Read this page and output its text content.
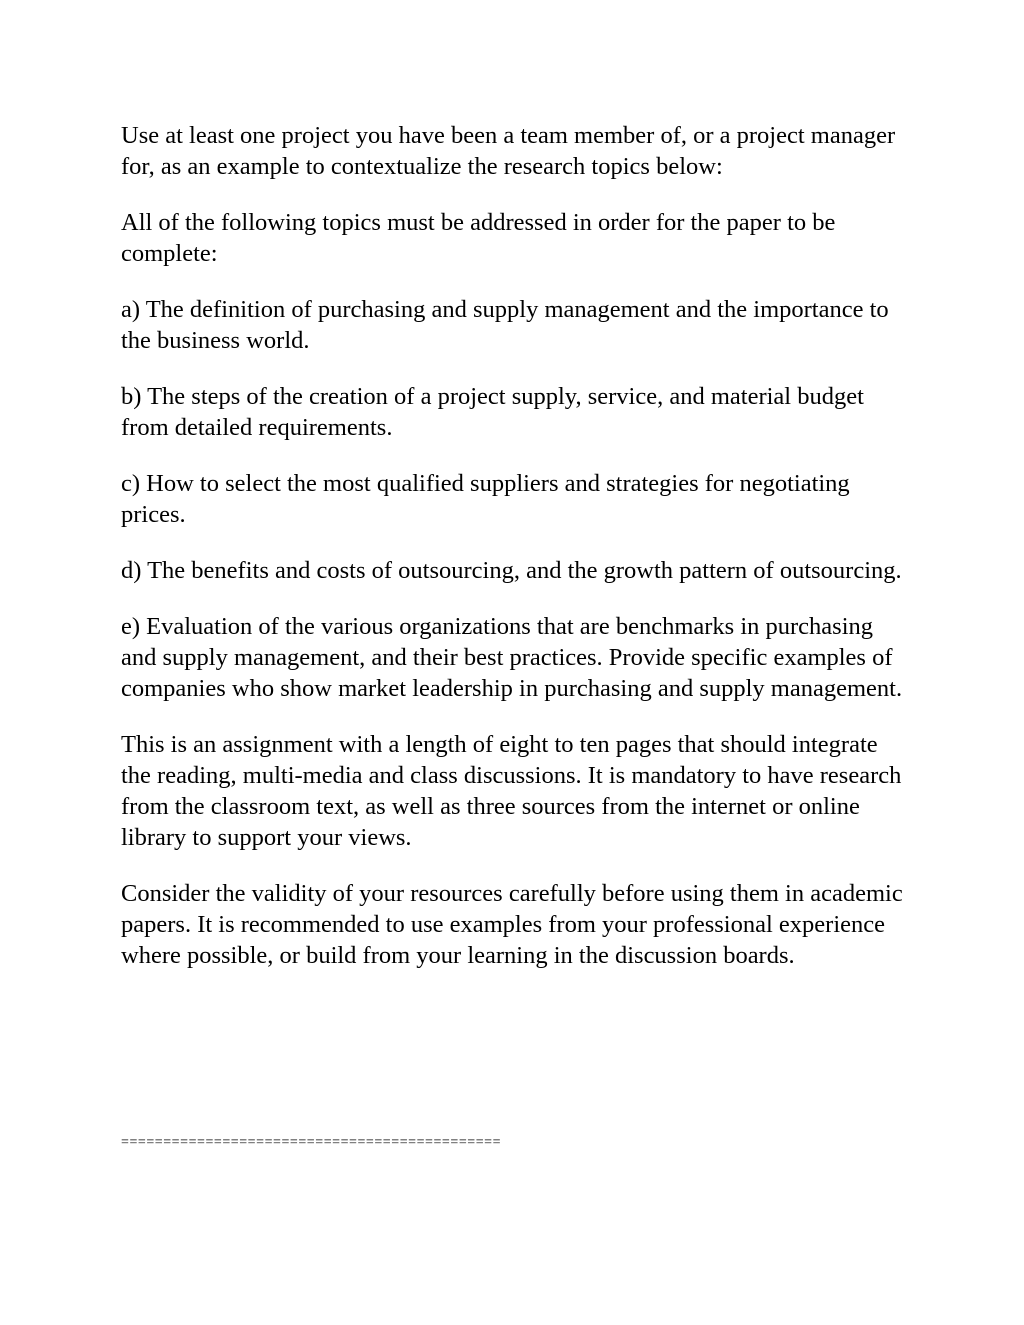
Use at least one project you have been a team member of, or a project manager for, as an example to contextualize the research topics below:

All of the following topics must be addressed in order for the paper to be complete:

a) The definition of purchasing and supply management and the importance to the business world.

b) The steps of the creation of a project supply, service, and material budget from detailed requirements.

c) How to select the most qualified suppliers and strategies for negotiating prices.

d) The benefits and costs of outsourcing, and the growth pattern of outsourcing.

e) Evaluation of the various organizations that are benchmarks in purchasing and supply management, and their best practices. Provide specific examples of companies who show market leadership in purchasing and supply management.

This is an assignment with a length of eight to ten pages that should integrate the reading, multi-media and class discussions. It is mandatory to have research from the classroom text, as well as three sources from the internet or online library to support your views.

Consider the validity of your resources carefully before using them in academic papers. It is recommended to use examples from your professional experience where possible, or build from your learning in the discussion boards.

=============================================
